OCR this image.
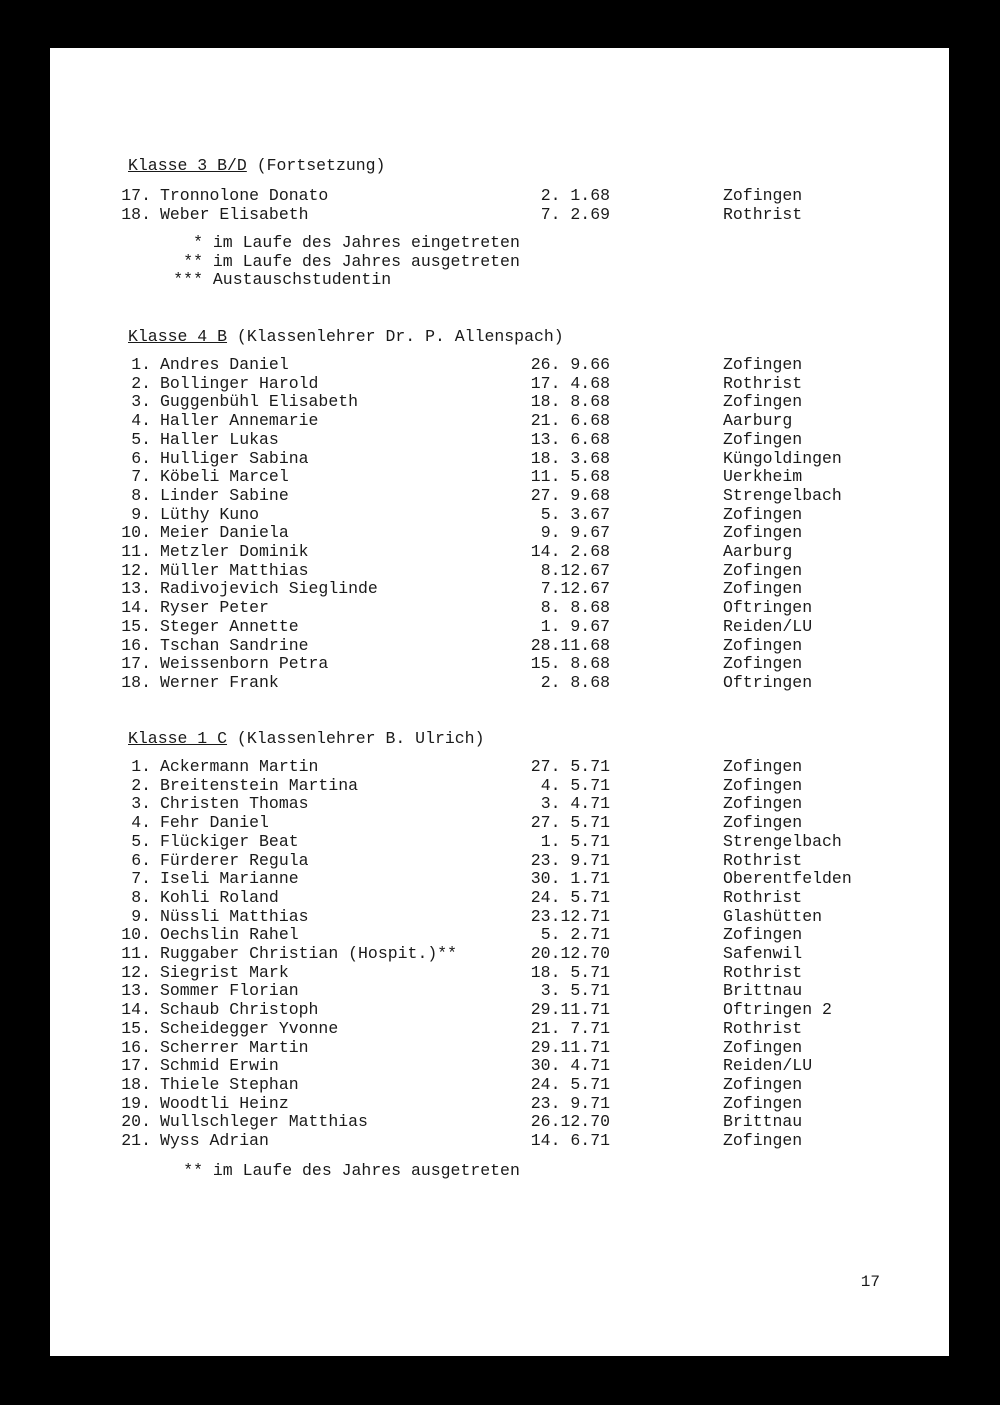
17
Klasse 3 B/D (Fortsetzung)
17. Tronnolone Donato	2. 1.68	Zofingen
18. Weber Elisabeth	7. 2.69	Rothrist
* im Laufe des Jahres eingetreten
** im Laufe des Jahres ausgetreten
*** Austauschstudentin
Klasse 4 B (Klassenlehrer Dr. P. Allenspach)
1. Andres Daniel	26. 9.66	Zofingen
2. Bollinger Harold	17. 4.68	Rothrist
3. Guggenbühl Elisabeth	18. 8.68	Zofingen
4. Haller Annemarie	21. 6.68	Aarburg
5. Haller Lukas	13. 6.68	Zofingen
6. Hulliger Sabina	18. 3.68	Küngoldingen
7. Köbeli Marcel	11. 5.68	Uerkheim
8. Linder Sabine	27. 9.68	Strengelbach
9. Lüthy Kuno	5. 3.67	Zofingen
10. Meier Daniela	9. 9.67	Zofingen
11. Metzler Dominik	14. 2.68	Aarburg
12. Müller Matthias	8.12.67	Zofingen
13. Radivojevich Sieglinde	7.12.67	Zofingen
14. Ryser Peter	8. 8.68	Oftringen
15. Steger Annette	1. 9.67	Reiden/LU
16. Tschan Sandrine	28.11.68	Zofingen
17. Weissenborn Petra	15. 8.68	Zofingen
18. Werner Frank	2. 8.68	Oftringen
Klasse 1 C (Klassenlehrer B. Ulrich)
1. Ackermann Martin	27. 5.71	Zofingen
2. Breitenstein Martina	4. 5.71	Zofingen
3. Christen Thomas	3. 4.71	Zofingen
4. Fehr Daniel	27. 5.71	Zofingen
5. Flückiger Beat	1. 5.71	Strengelbach
6. Fürderer Regula	23. 9.71	Rothrist
7. Iseli Marianne	30. 1.71	Oberentfelden
8. Kohli Roland	24. 5.71	Rothrist
9. Nüssli Matthias	23.12.71	Glashütten
10. Oechslin Rahel	5. 2.71	Zofingen
11. Ruggaber Christian (Hospit.)**	20.12.70	Safenwil
12. Siegrist Mark	18. 5.71	Rothrist
13. Sommer Florian	3. 5.71	Brittnau
14. Schaub Christoph	29.11.71	Oftringen 2
15. Scheidegger Yvonne	21. 7.71	Rothrist
16. Scherrer Martin	29.11.71	Zofingen
17. Schmid Erwin	30. 4.71	Reiden/LU
18. Thiele Stephan	24. 5.71	Zofingen
19. Woodtli Heinz	23. 9.71	Zofingen
20. Wullschleger Matthias	26.12.70	Brittnau
21. Wyss Adrian	14. 6.71	Zofingen
** im Laufe des Jahres ausgetreten
